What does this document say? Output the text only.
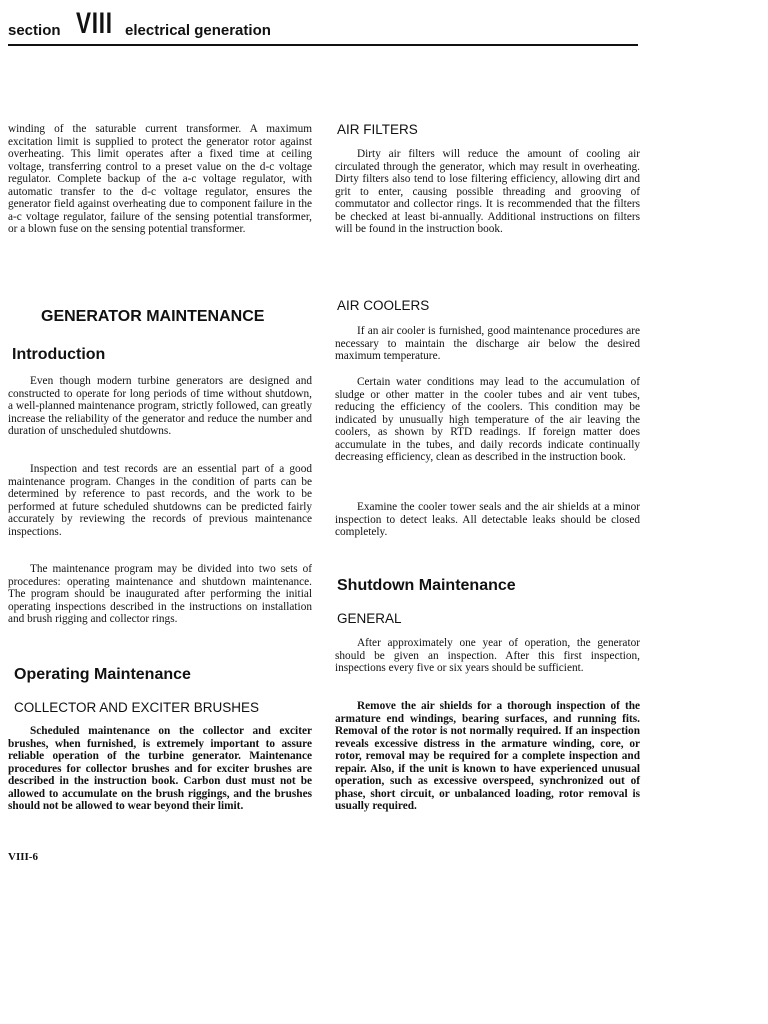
section VIII electrical generation

winding of the saturable current transformer. A maximum excitation limit is supplied to protect the generator rotor against overheating. This limit operates after a fixed time at ceiling voltage, transferring control to a preset value on the d-c voltage regulator. Complete backup of the a-c voltage regulator, with automatic transfer to the d-c voltage regulator, ensures the generator field against overheating due to component failure in the a-c voltage regulator, failure of the sensing potential transformer, or a blown fuse on the sensing potential transformer.

GENERATOR MAINTENANCE
Introduction

Even though modern turbine generators are designed and constructed to operate for long periods of time without shutdown, a well-planned maintenance program, strictly followed, can greatly increase the reliability of the generator and reduce the number and duration of unscheduled shutdowns.

Inspection and test records are an essential part of a good maintenance program. Changes in the condition of parts can be determined by reference to past records, and the work to be performed at future scheduled shutdowns can be predicted fairly accurately by reviewing the records of previous maintenance inspections.

The maintenance program may be divided into two sets of procedures: operating maintenance and shutdown maintenance. The program should be inaugurated after performing the initial operating inspections described in the instructions on installation and brush rigging and collector rings.

Operating Maintenance
COLLECTOR AND EXCITER BRUSHES

Scheduled maintenance on the collector and exciter brushes, when furnished, is extremely important to assure reliable operation of the turbine generator. Maintenance procedures for collector brushes and for exciter brushes are described in the instruction book. Carbon dust must not be allowed to accumulate on the brush riggings, and the brushes should not be allowed to wear beyond their limit.

AIR FILTERS

Dirty air filters will reduce the amount of cooling air circulated through the generator, which may result in overheating. Dirty filters also tend to lose filtering efficiency, allowing dirt and grit to enter, causing possible threading and grooving of commutator and collector rings. It is recommended that the filters be checked at least bi-annually. Additional instructions on filters will be found in the instruction book.

AIR COOLERS

If an air cooler is furnished, good maintenance procedures are necessary to maintain the discharge air below the desired maximum temperature.

Certain water conditions may lead to the accumulation of sludge or other matter in the cooler tubes and air vent tubes, reducing the efficiency of the coolers. This condition may be indicated by unusually high temperature of the air leaving the coolers, as shown by RTD readings. If foreign matter does accumulate in the tubes, and daily records indicate continually decreasing efficiency, clean as described in the instruction book.

Examine the cooler tower seals and the air shields at a minor inspection to detect leaks. All detectable leaks should be closed completely.

Shutdown Maintenance
GENERAL

After approximately one year of operation, the generator should be given an inspection. After this first inspection, inspections every five or six years should be sufficient.

Remove the air shields for a thorough inspection of the armature end windings, bearing surfaces, and running fits. Removal of the rotor is not normally required. If an inspection reveals excessive distress in the armature winding, core, or rotor, removal may be required for a complete inspection and repair. Also, if the unit is known to have experienced unusual operation, such as excessive overspeed, synchronized out of phase, short circuit, or unbalanced loading, rotor removal is usually required.

VIII-6
